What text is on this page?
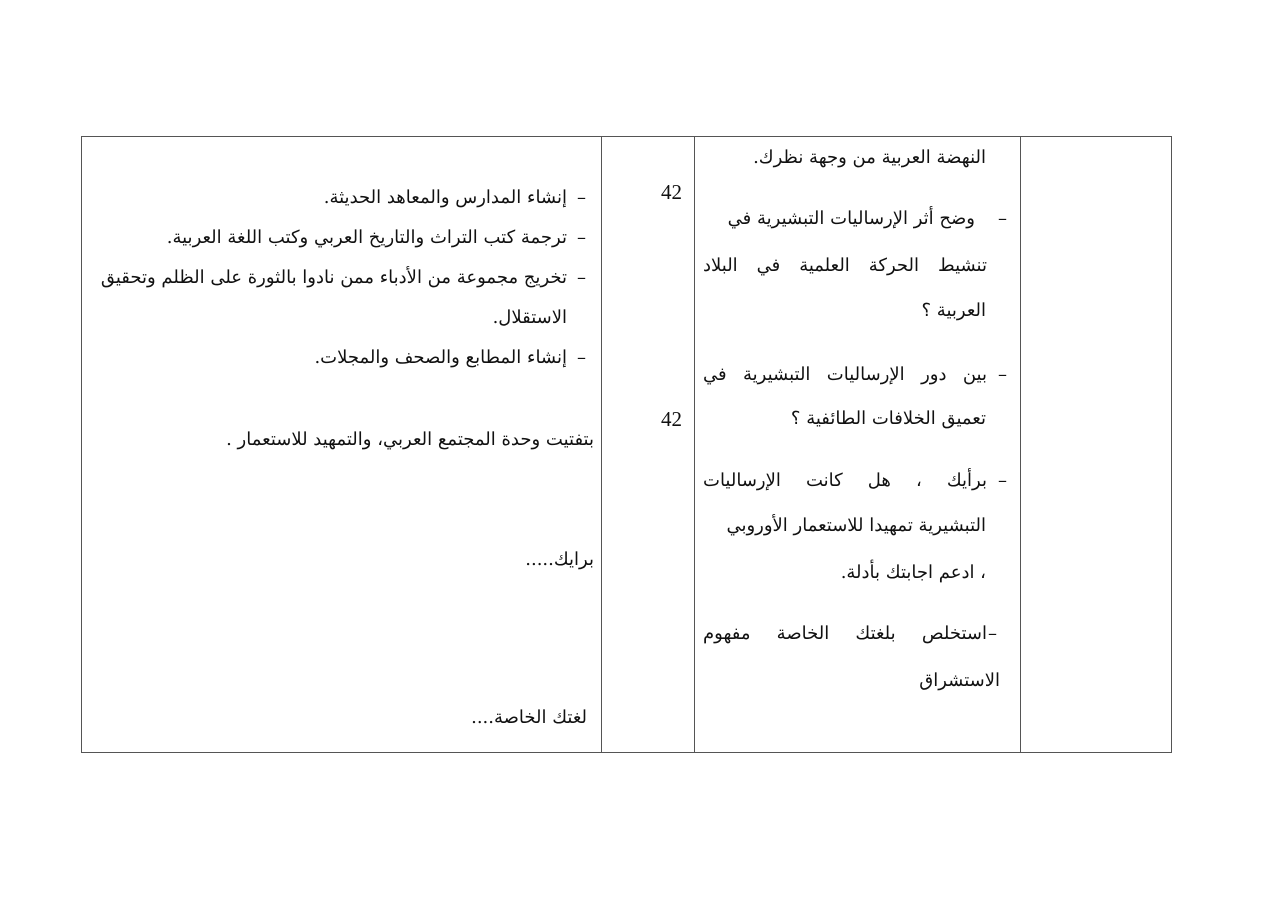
النهضة العربية من وجهة نظرك.
–
وضح أثر الإرساليات التبشيرية في
تنشيط الحركة العلمية في البلاد
العربية ؟
–
بين دور الإرساليات التبشيرية في
تعميق الخلافات الطائفية ؟
–
برأيك ، هل كانت الإرساليات
التبشيرية تمهيدا للاستعمار الأوروبي
، ادعم اجابتك بأدلة.
–
استخلص بلغتك الخاصة مفهوم
الاستشراق
42
42
–
إنشاء المدارس والمعاهد الحديثة.
–
ترجمة كتب التراث والتاريخ العربي وكتب اللغة العربية.
–
تخريج مجموعة من الأدباء ممن نادوا بالثورة على الظلم وتحقيق
الاستقلال.
–
إنشاء المطابع والصحف والمجلات.
بتفتيت وحدة المجتمع العربي، والتمهيد للاستعمار .
برايك.....
لغتك الخاصة....
